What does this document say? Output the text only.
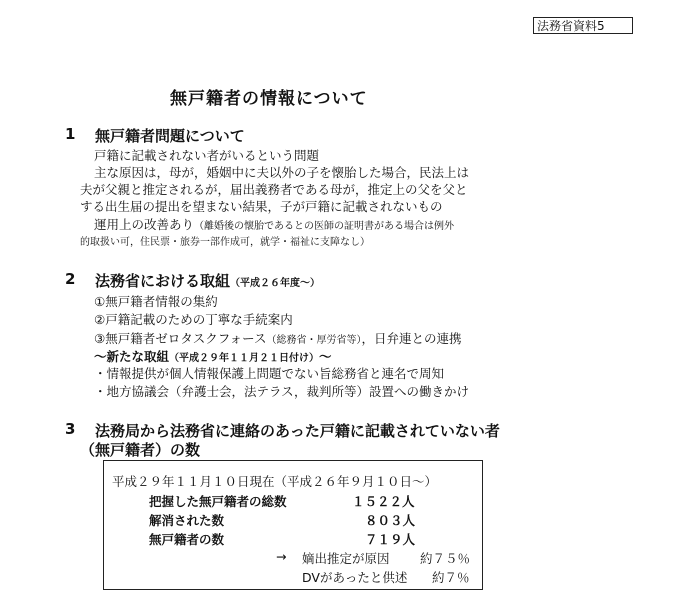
法務省資料5
無戸籍者の情報について
1 無戸籍者問題について
戸籍に記載されない者がいるという問題
主な原因は，母が，婚姻中に夫以外の子を懐胎した場合，民法上は
夫が父親と推定されるが，届出義務者である母が，推定上の父を父と
する出生届の提出を望まない結果，子が戸籍に記載されないもの
運用上の改善あり（離婚後の懐胎であるとの医師の証明書がある場合は例外
的取扱い可，住民票・旅券一部作成可，就学・福祉に支障なし）
2 法務省における取組（平成２６年度～）
①無戸籍者情報の集約
②戸籍記載のための丁寧な手続案内
③無戸籍者ゼロタスクフォース（総務省・厚労省等），日弁連との連携
～新たな取組（平成２９年１１月２１日付け）～
・情報提供が個人情報保護上問題でない旨総務省と連名で周知
・地方協議会（弁護士会，法テラス，裁判所等）設置への働きかけ
3 法務局から法務省に連絡のあった戸籍に記載されていない者
（無戸籍者）の数
平成２９年１１月１０日現在（平成２６年９月１０日～）
把握した無戸籍者の総数	１５２２人
解消された数	８０３人
無戸籍者の数	７１９人
→ 嫡出推定が原因 約７５％
DVがあったと供述 約７％
